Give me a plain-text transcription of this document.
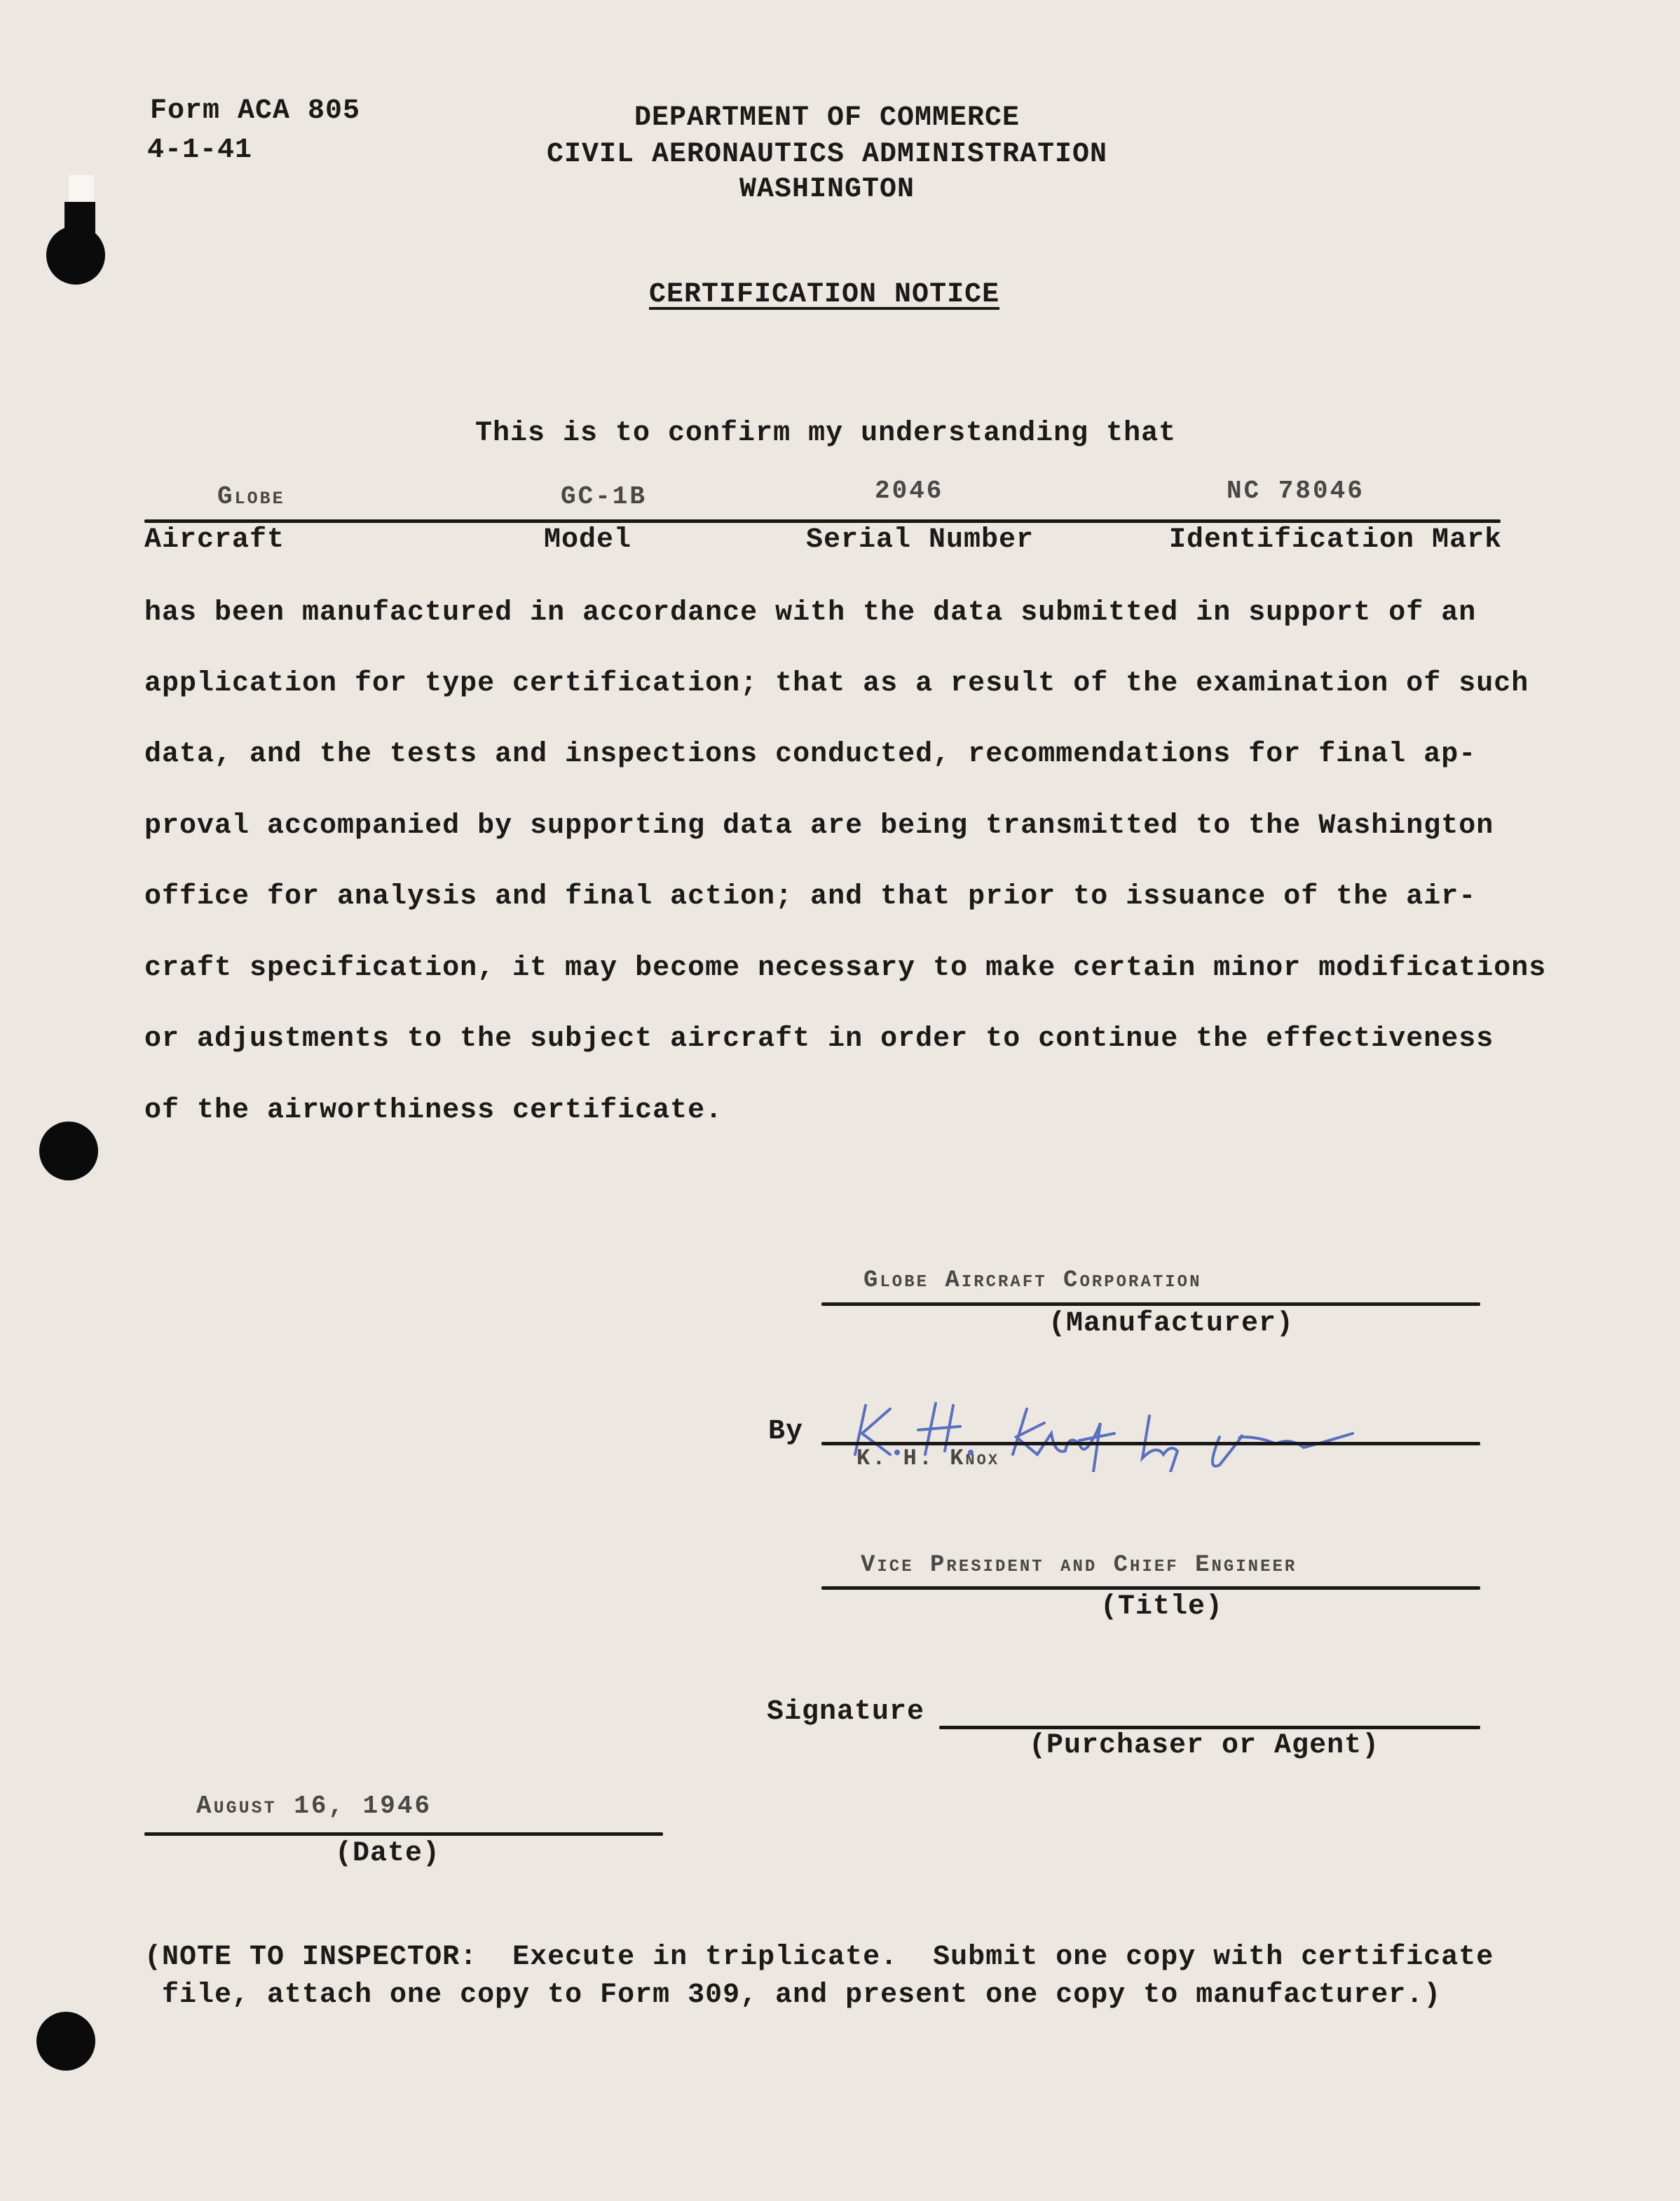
Form ACA 805
4-1-41
DEPARTMENT OF COMMERCE
CIVIL AERONAUTICS ADMINISTRATION
WASHINGTON
CERTIFICATION NOTICE
This is to confirm my understanding that
Globe	GC-1B	2046	NC 78046
Aircraft	Model	Serial Number	Identification Mark
has been manufactured in accordance with the data submitted in support of an
application for type certification; that as a result of the examination of such
data, and the tests and inspections conducted, recommendations for final ap-
proval accompanied by supporting data are being transmitted to the Washington
office for analysis and final action; and that prior to issuance of the air-
craft specification, it may become necessary to make certain minor modifications
or adjustments to the subject aircraft in order to continue the effectiveness
of the airworthiness certificate.
Globe Aircraft Corporation
(Manufacturer)
By
K. H. Knox
Vice President and Chief Engineer
(Title)
Signature
(Purchaser or Agent)
August 16, 1946
(Date)
(NOTE TO INSPECTOR:  Execute in triplicate.  Submit one copy with certificate
file, attach one copy to Form 309, and present one copy to manufacturer.)
